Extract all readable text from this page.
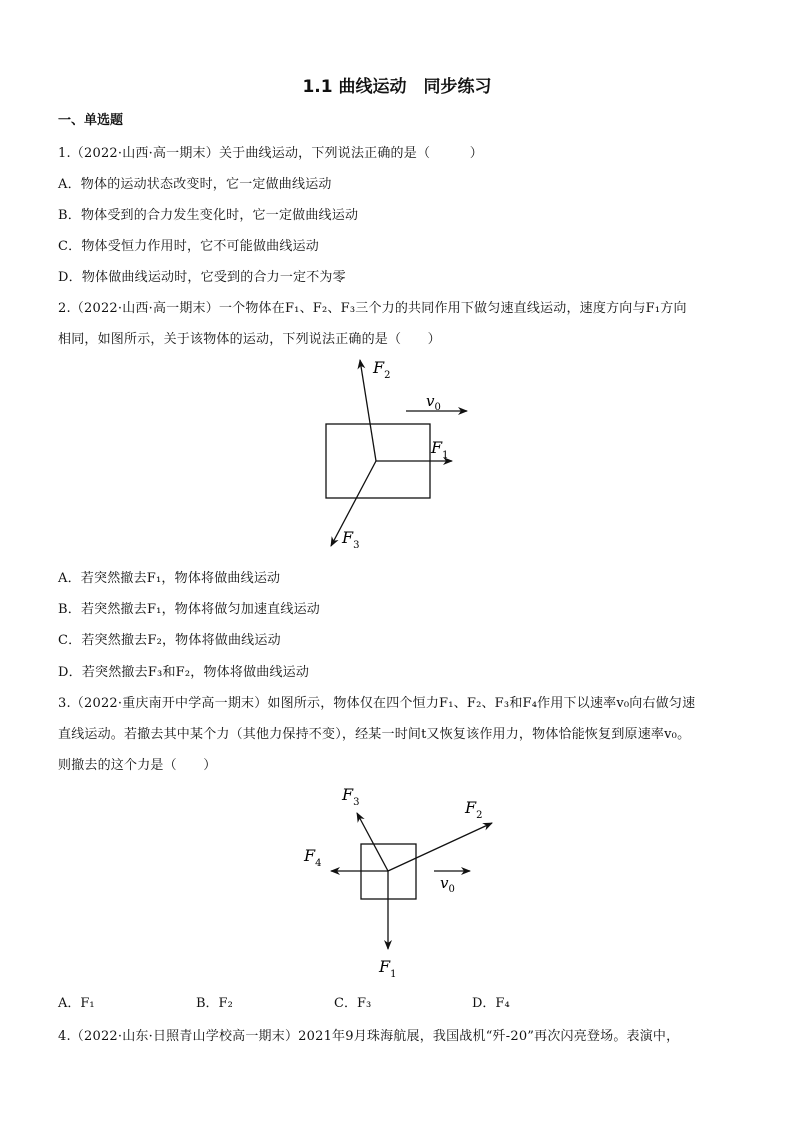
1.1 曲线运动　同步练习
一、单选题
1.（2022·山西·高一期末）关于曲线运动，下列说法正确的是（　　　）
A．物体的运动状态改变时，它一定做曲线运动
B．物体受到的合力发生变化时，它一定做曲线运动
C．物体受恒力作用时，它不可能做曲线运动
D．物体做曲线运动时，它受到的合力一定不为零
2.（2022·山西·高一期末）一个物体在F₁、F₂、F₃三个力的共同作用下做匀速直线运动，速度方向与F₁方向
相同，如图所示，关于该物体的运动，下列说法正确的是（　　）
$F_2$
$v_0$
$F_1$
$F_3$
$F_3$	$F_2$
$F_4$
$v_0$
$F_1$
A．若突然撤去F₁，物体将做曲线运动
B．若突然撤去F₁，物体将做匀加速直线运动
C．若突然撤去F₂，物体将做曲线运动
D．若突然撤去F₃和F₂，物体将做曲线运动
3.（2022·重庆南开中学高一期末）如图所示，物体仅在四个恒力F₁、F₂、F₃和F₄作用下以速率v₀向右做匀速
直线运动。若撤去其中某个力（其他力保持不变），经某一时间t又恢复该作用力，物体恰能恢复到原速率v₀。
则撤去的这个力是（　　）
A．F₁	B．F₂	C．F₃	D．F₄
4.（2022·山东·日照青山学校高一期末）2021年9月珠海航展，我国战机“歼-20”再次闪亮登场。表演中，
